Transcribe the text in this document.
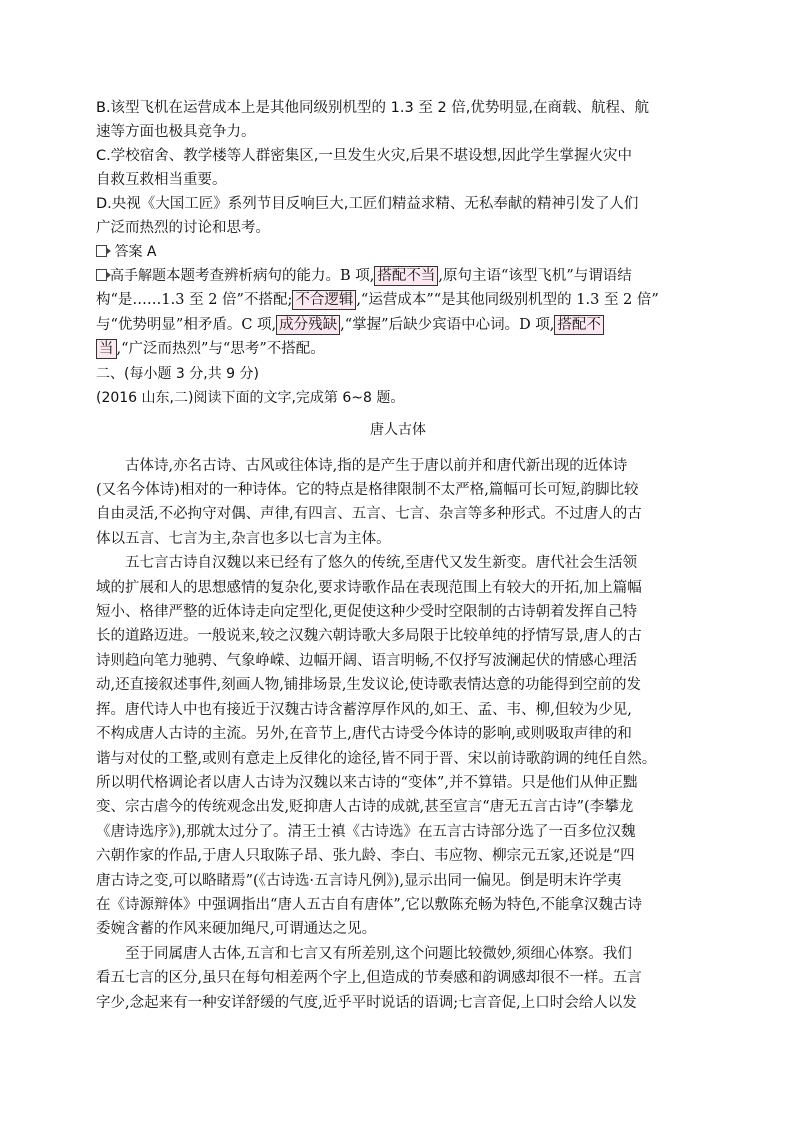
B.该型飞机在运营成本上是其他同级别机型的 1.3 至 2 倍,优势明显,在商载、航程、航
速等方面也极具竞争力。
C.学校宿舍、教学楼等人群密集区,一旦发生火灾,后果不堪设想,因此学生掌握火灾中
自救互救相当重要。
D.央视《大国工匠》系列节目反响巨大,工匠们精益求精、无私奉献的精神引发了人们
广泛而热烈的讨论和思考。
答案 A
高手解题本题考查辨析病句的能力。B 项, 搭配不当 ,原句主语“该型飞机”与谓语结
构“是……1.3 至 2 倍”不搭配; 不合逻辑 ,“运营成本”“是其他同级别机型的 1.3 至 2 倍”
与“优势明显”相矛盾。C 项, 成分残缺 ,“掌握”后缺少宾语中心词。D 项, 搭配不
当 ,“广泛而热烈”与“思考”不搭配。
二、(每小题 3 分,共 9 分)
(2016 山东,二)阅读下面的文字,完成第 6~8 题。
唐人古体
古体诗,亦名古诗、古风或往体诗,指的是产生于唐以前并和唐代新出现的近体诗
(又名今体诗)相对的一种诗体。它的特点是格律限制不太严格,篇幅可长可短,韵脚比较
自由灵活,不必拘守对偶、声律,有四言、五言、七言、杂言等多种形式。不过唐人的古
体以五言、七言为主,杂言也多以七言为主体。
五七言古诗自汉魏以来已经有了悠久的传统,至唐代又发生新变。唐代社会生活领
域的扩展和人的思想感情的复杂化,要求诗歌作品在表现范围上有较大的开拓,加上篇幅
短小、格律严整的近体诗走向定型化,更促使这种少受时空限制的古诗朝着发挥自己特
长的道路迈进。一般说来,较之汉魏六朝诗歌大多局限于比较单纯的抒情写景,唐人的古
诗则趋向笔力驰骋、气象峥嵘、边幅开阔、语言明畅,不仅抒写波澜起伏的情感心理活
动,还直接叙述事件,刻画人物,铺排场景,生发议论,使诗歌表情达意的功能得到空前的发
挥。唐代诗人中也有接近于汉魏古诗含蓄淳厚作风的,如王、孟、韦、柳,但较为少见,
不构成唐人古诗的主流。另外,在音节上,唐代古诗受今体诗的影响,或则吸取声律的和
谐与对仗的工整,或则有意走上反律化的途径,皆不同于晋、宋以前诗歌韵调的纯任自然。
所以明代格调论者以唐人古诗为汉魏以来古诗的“变体”,并不算错。只是他们从伸正黜
变、宗古虐今的传统观念出发,贬抑唐人古诗的成就,甚至宣言“唐无五言古诗”(李攀龙
《唐诗选序》),那就太过分了。清王士禛《古诗选》在五言古诗部分选了一百多位汉魏
六朝作家的作品,于唐人只取陈子昂、张九龄、李白、韦应物、柳宗元五家,还说是“四
唐古诗之变,可以略睹焉”(《古诗选·五言诗凡例》),显示出同一偏见。倒是明末许学夷
在《诗源辩体》中强调指出“唐人五古自有唐体”,它以敷陈充畅为特色,不能拿汉魏古诗
委婉含蓄的作风来硬加绳尺,可谓通达之见。
至于同属唐人古体,五言和七言又有所差别,这个问题比较微妙,须细心体察。我们
看五七言的区分,虽只在每句相差两个字上,但造成的节奏感和韵调感却很不一样。五言
字少,念起来有一种安详舒缓的气度,近乎平时说话的语调;七言音促,上口时会给人以发
